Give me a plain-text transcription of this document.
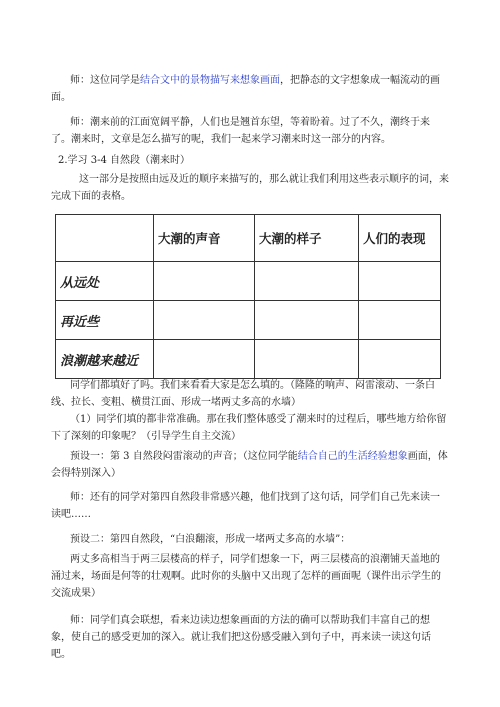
师：这位同学是结合文中的景物描写来想象画面，把静态的文字想象成一幅流动的画面。

师：潮来前的江面宽阔平静，人们也是翘首东望，等着盼着。过了不久，潮终于来了。潮来时，文章是怎么描写的呢，我们一起来学习潮来时这一部分的内容。

2.学习 3-4 自然段（潮来时）

这一部分是按照由远及近的顺序来描写的，那么就让我们利用这些表示顺序的词，来完成下面的表格。

	大潮的声音	大潮的样子	人们的表现
从远处			
再近些			
浪潮越来越近			

同学们都填好了吗。我们来看看大家是怎么填的。（隆隆的响声、闷雷滚动、一条白线、拉长、变粗、横贯江面、形成一堵两丈多高的水墙）

（1）同学们填的都非常准确。那在我们整体感受了潮来时的过程后，哪些地方给你留下了深刻的印象呢？（引导学生自主交流）

预设一：第 3 自然段闷雷滚动的声音；（这位同学能结合自己的生活经验想象画面，体会得特别深入）

师：还有的同学对第四自然段非常感兴趣，他们找到了这句话，同学们自己先来读一读吧……

预设二：第四自然段，“白浪翻滚，形成一堵两丈多高的水墙”：

两丈多高相当于两三层楼高的样子，同学们想象一下，两三层楼高的浪潮铺天盖地的涌过来，场面是何等的壮观啊。此时你的头脑中又出现了怎样的画面呢（课件出示学生的交流成果）

师：同学们真会联想，看来边读边想象画面的方法的确可以帮助我们丰富自己的想象，使自己的感受更加的深入。就让我们把这份感受融入到句子中，再来读一读这句话吧。
